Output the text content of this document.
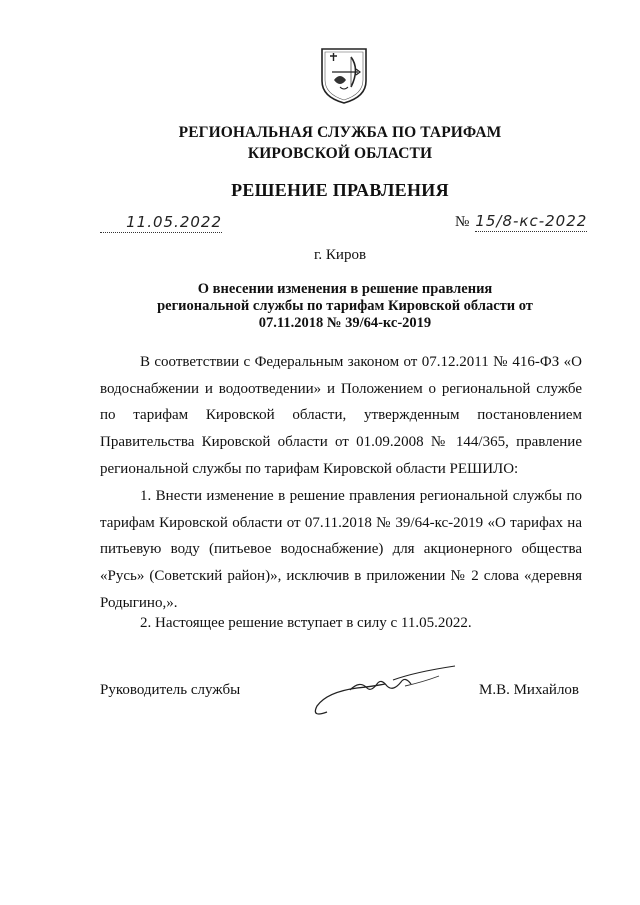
РЕГИОНАЛЬНАЯ СЛУЖБА ПО ТАРИФАМ
КИРОВСКОЙ ОБЛАСТИ
РЕШЕНИЕ ПРАВЛЕНИЯ
11.05.2022	№ 15/8-кс-2022
г. Киров
О внесении изменения в решение правления региональной службы по тарифам Кировской области от 07.11.2018 № 39/64-кс-2019

В соответствии с Федеральным законом от 07.12.2011 № 416-ФЗ «О водоснабжении и водоотведении» и Положением о региональной службе по тарифам Кировской области, утвержденным постановлением Правительства Кировской области от 01.09.2008 № 144/365, правление региональной службы по тарифам Кировской области РЕШИЛО:

1. Внести изменение в решение правления региональной службы по тарифам Кировской области от 07.11.2018 № 39/64-кс-2019 «О тарифах на питьевую воду (питьевое водоснабжение) для акционерного общества «Русь» (Советский район)», исключив в приложении № 2 слова «деревня Родыгино,».

2. Настоящее решение вступает в силу с 11.05.2022.

Руководитель службы	М.В. Михайлов
